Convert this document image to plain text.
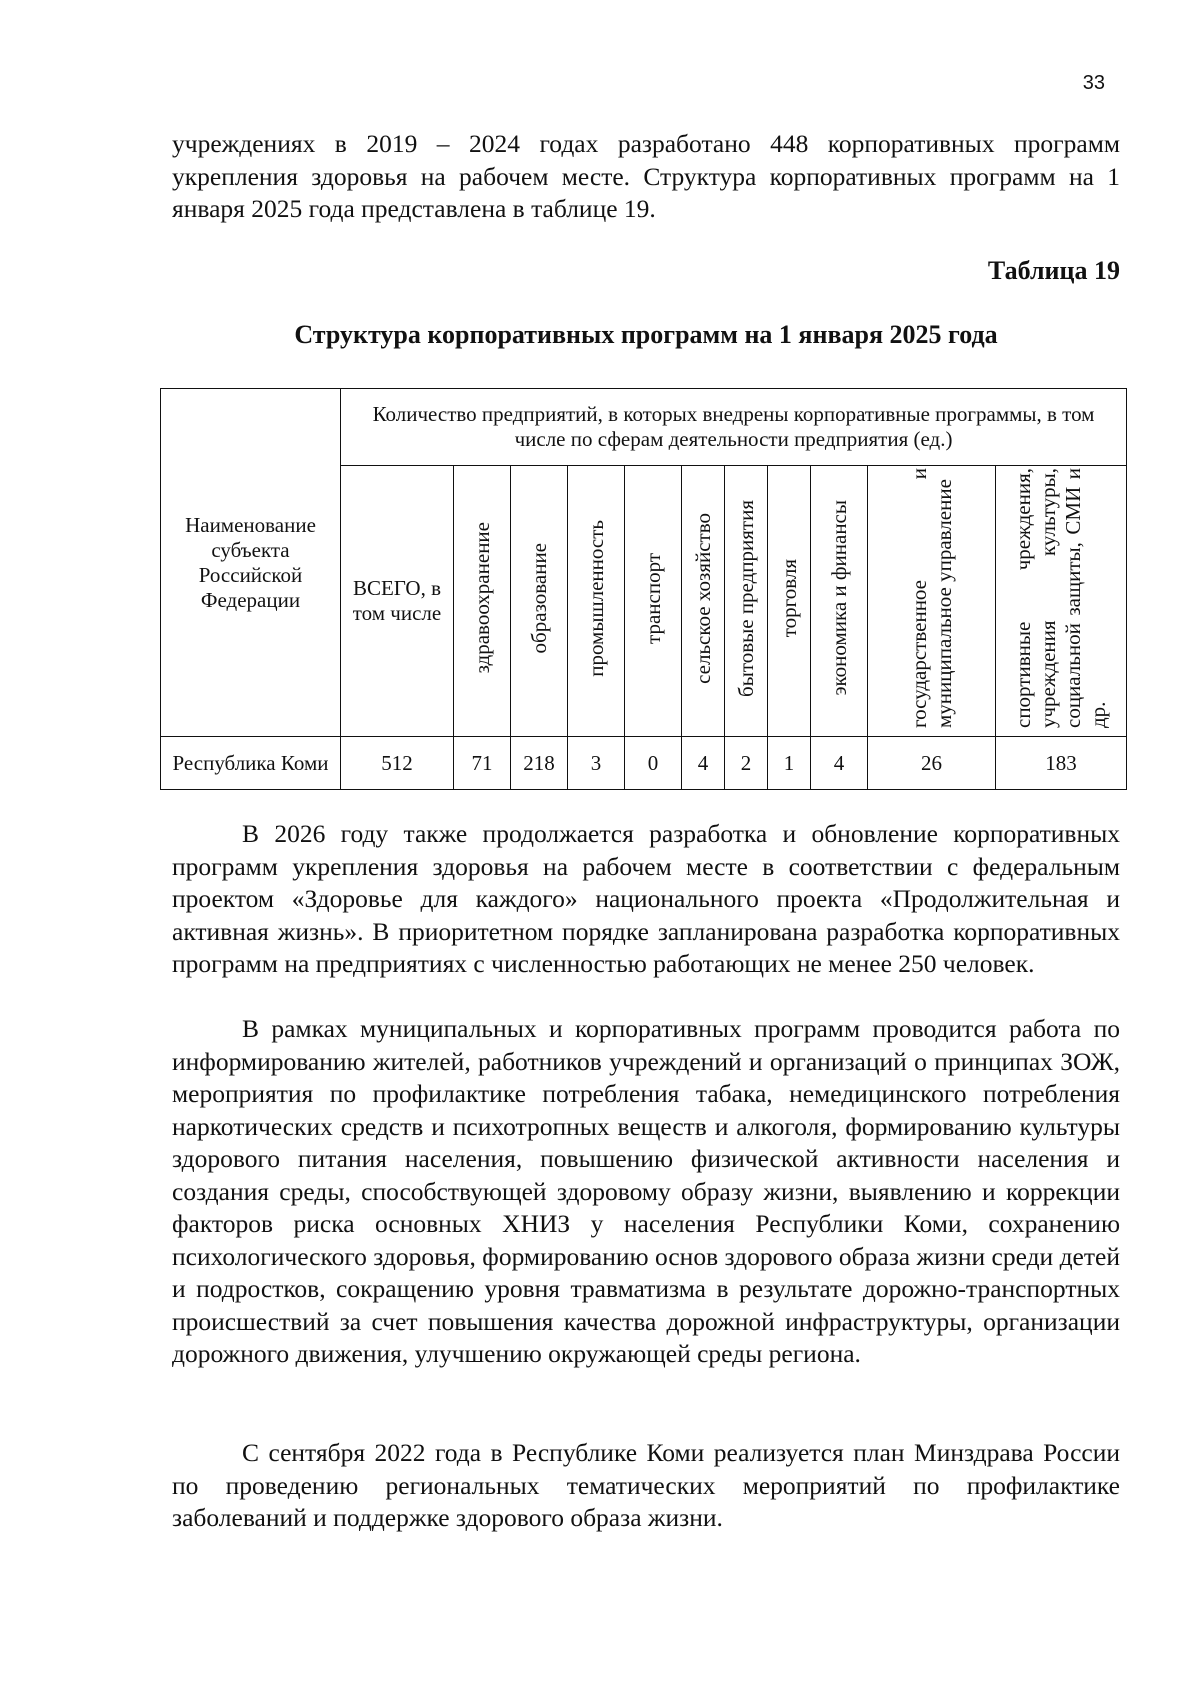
33

учреждениях в 2019 – 2024 годах разработано 448 корпоративных программ укрепления здоровья на рабочем месте. Структура корпоративных программ на 1 января 2025 года представлена в таблице 19.

Таблица 19

Структура корпоративных программ на 1 января 2025 года

Наименование субъекта Российской Федерации	Количество предприятий, в которых внедрены корпоративные программы, в том числе по сферам деятельности предприятия (ед.)										
	ВСЕГО, в том числе	здравоохранение	образование	промышленность	транспорт	сельское хозяйство	бытовые предприятия	торговля	экономика и финансы	государственное и муниципальное управление	спортивные чреждения, учреждения культуры, социальной защиты, СМИ и др.
Республика Коми	512	71	218	3	0	4	2	1	4	26	183

В 2026 году также продолжается разработка и обновление корпоративных программ укрепления здоровья на рабочем месте в соответствии с федеральным проектом «Здоровье для каждого» национального проекта «Продолжительная и активная жизнь». В приоритетном порядке запланирована разработка корпоративных программ на предприятиях с численностью работающих не менее 250 человек.

В рамках муниципальных и корпоративных программ проводится работа по информированию жителей, работников учреждений и организаций о принципах ЗОЖ, мероприятия по профилактике потребления табака, немедицинского потребления наркотических средств и психотропных веществ и алкоголя, формированию культуры здорового питания населения, повышению физической активности населения и создания среды, способствующей здоровому образу жизни, выявлению и коррекции факторов риска основных ХНИЗ у населения Республики Коми, сохранению психологического здоровья, формированию основ здорового образа жизни среди детей и подростков, сокращению уровня травматизма в результате дорожно-транспортных происшествий за счет повышения качества дорожной инфраструктуры, организации дорожного движения, улучшению окружающей среды региона.

С сентября 2022 года в Республике Коми реализуется план Минздрава России по проведению региональных тематических мероприятий по профилактике заболеваний и поддержке здорового образа жизни.
